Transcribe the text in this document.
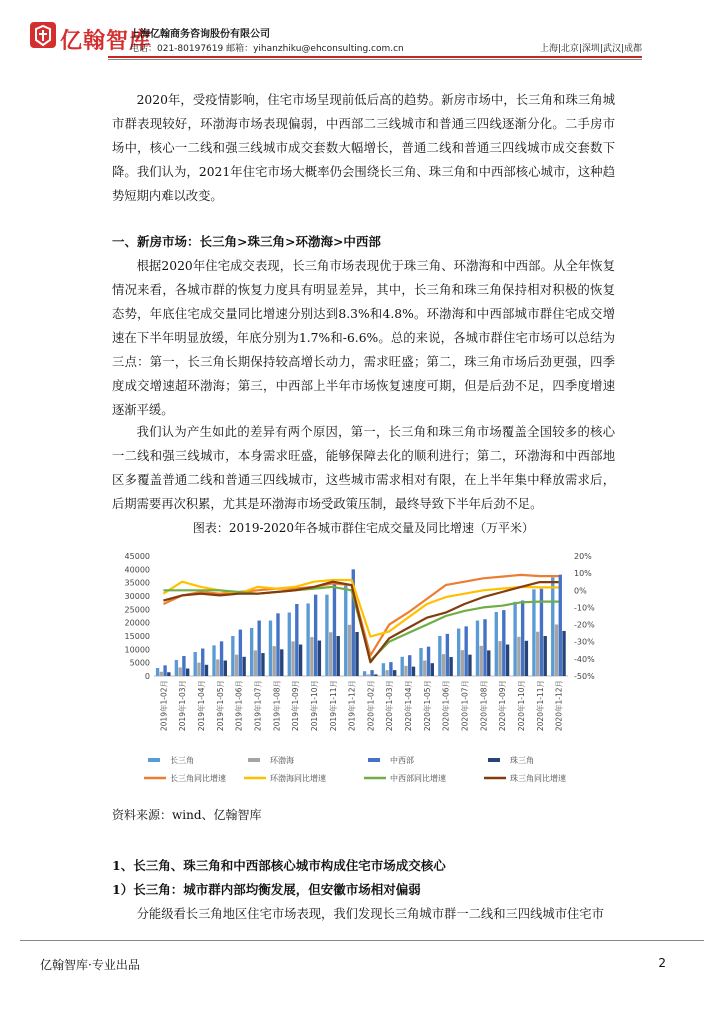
亿翰智库
上海亿翰商务咨询股份有限公司
电话：021-80197619 邮箱：yihanzhiku@ehconsulting.com.cn	上海|北京|深圳|武汉|成都

2020年，受疫情影响，住宅市场呈现前低后高的趋势。新房市场中，长三角和珠三角城市群表现较好，环渤海市场表现偏弱，中西部二三线城市和普通三四线逐渐分化。二手房市场中，核心一二线和强三线城市成交套数大幅增长，普通二线和普通三四线城市成交套数下降。我们认为，2021年住宅市场大概率仍会围绕长三角、珠三角和中西部核心城市，这种趋势短期内难以改变。

一、新房市场：长三角>珠三角>环渤海>中西部

根据2020年住宅成交表现，长三角市场表现优于珠三角、环渤海和中西部。从全年恢复情况来看，各城市群的恢复力度具有明显差异，其中，长三角和珠三角保持相对积极的恢复态势，年底住宅成交量同比增速分别达到8.3%和4.8%。环渤海和中西部城市群住宅成交增速在下半年明显放缓，年底分别为1.7%和-6.6%。总的来说，各城市群住宅市场可以总结为三点：第一，长三角长期保持较高增长动力，需求旺盛；第二，珠三角市场后劲更强，四季度成交增速超环渤海；第三，中西部上半年市场恢复速度可期，但是后劲不足，四季度增速逐渐平缓。

我们认为产生如此的差异有两个原因，第一，长三角和珠三角市场覆盖全国较多的核心一二线和强三线城市，本身需求旺盛，能够保障去化的顺利进行；第二，环渤海和中西部地区多覆盖普通二线和普通三四线城市，这些城市需求相对有限，在上半年集中释放需求后，后期需要再次积累，尤其是环渤海市场受政策压制，最终导致下半年后劲不足。

图表：2019-2020年各城市群住宅成交量及同比增速（万平米）
0
5000
10000
15000
20000
25000
30000
35000
40000
45000
-50%
-40%
-30%
-20%
-10%
0%
10%
20%
2019年1-02月 2019年1-03月 2019年1-04月 2019年1-05月 2019年1-06月 2019年1-07月 2019年1-08月 2019年1-09月 2019年1-10月 2019年1-11月 2019年1-12月 2020年1-02月 2020年1-03月 2020年1-04月 2020年1-05月 2020年1-06月 2020年1-07月 2020年1-08月 2020年1-09月 2020年1-10月 2020年1-11月 2020年1-12月
长三角	环渤海	中西部	珠三角
长三角同比增速	环渤海同比增速	中西部同比增速	珠三角同比增速
资料来源：wind、亿翰智库

1、长三角、珠三角和中西部核心城市构成住宅市场成交核心

1）长三角：城市群内部均衡发展，但安徽市场相对偏弱

分能级看长三角地区住宅市场表现，我们发现长三角城市群一二线和三四线城市住宅市

亿翰智库·专业出品	2
